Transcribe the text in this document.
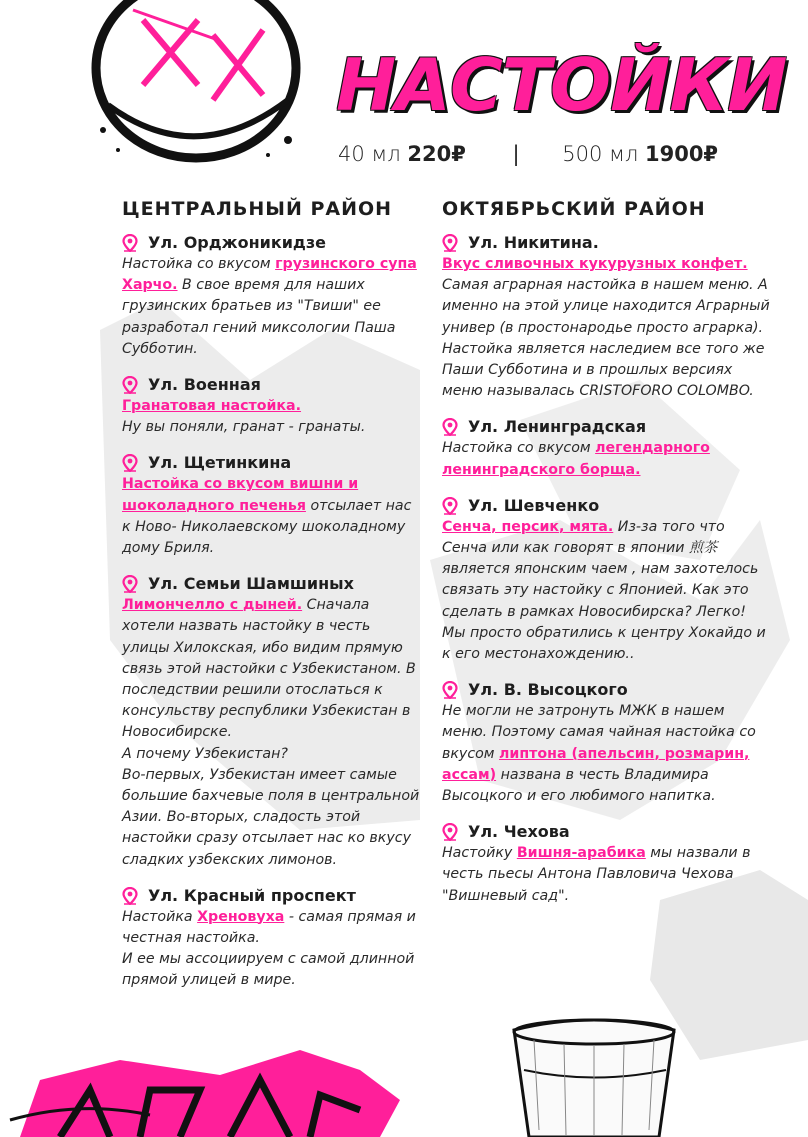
НАСТОЙКИ
40 мл 220₽ | 500 мл 1900₽
ЦЕНТРАЛЬНЫЙ РАЙОН
Ул. Орджоникидзе
Настойка со вкусом грузинского супа Харчо. В свое время для наших грузинских братьев из "Твиши" ее разработал гений миксологии Паша Субботин.
Ул. Военная
Гранатовая настойка.
Ну вы поняли, гранат - гранаты.
Ул. Щетинкина
Настойка со вкусом вишни и шоколадного печенья отсылает нас к Ново- Николаевскому шоколадному дому Бриля.
Ул. Семьи Шамшиных
Лимончелло с дыней. Сначала хотели назвать настойку в честь улицы Хилокская, ибо видим прямую связь этой настойки с Узбекистаном. В последствии решили отослаться к консульству республики Узбекистан в Новосибирске.
А почему Узбекистан?
Во-первых, Узбекистан имеет самые большие бахчевые поля в центральной Азии. Во-вторых, сладость этой настойки сразу отсылает нас ко вкусу сладких узбекских лимонов.
Ул. Красный проспект
Настойка Хреновуха - самая прямая и честная настойка.
И ее мы ассоциируем с самой длинной прямой улицей в мире.
ОКТЯБРЬСКИЙ РАЙОН
Ул. Никитина.
Вкус сливочных кукурузных конфет.
Самая аграрная настойка в нашем меню. А именно на этой улице находится Аграрный универ (в простонародье просто аграрка). Настойка является наследием все того же Паши Субботина и в прошлых версиях меню называлась CRISTOFORO COLOMBO.
Ул. Ленинградская
Настойка со вкусом легендарного ленинградского борща.
Ул. Шевченко
Сенча, персик, мята. Из-за того что Сенча или как говорят в японии 煎茶 является японским чаем , нам захотелось связать эту настойку с Японией. Как это сделать в рамках Новосибирска? Легко! Мы просто обратились к центру Хокайдо и к его местонахождению..
Ул. В. Высоцкого
Не могли не затронуть МЖК в нашем меню. Поэтому самая чайная настойка со вкусом липтона (апельсин, розмарин, ассам) названа в честь Владимира Высоцкого и его любимого напитка.
Ул. Чехова
Настойку Вишня-арабика мы назвали в честь пьесы Антона Павловича Чехова "Вишневый сад".
